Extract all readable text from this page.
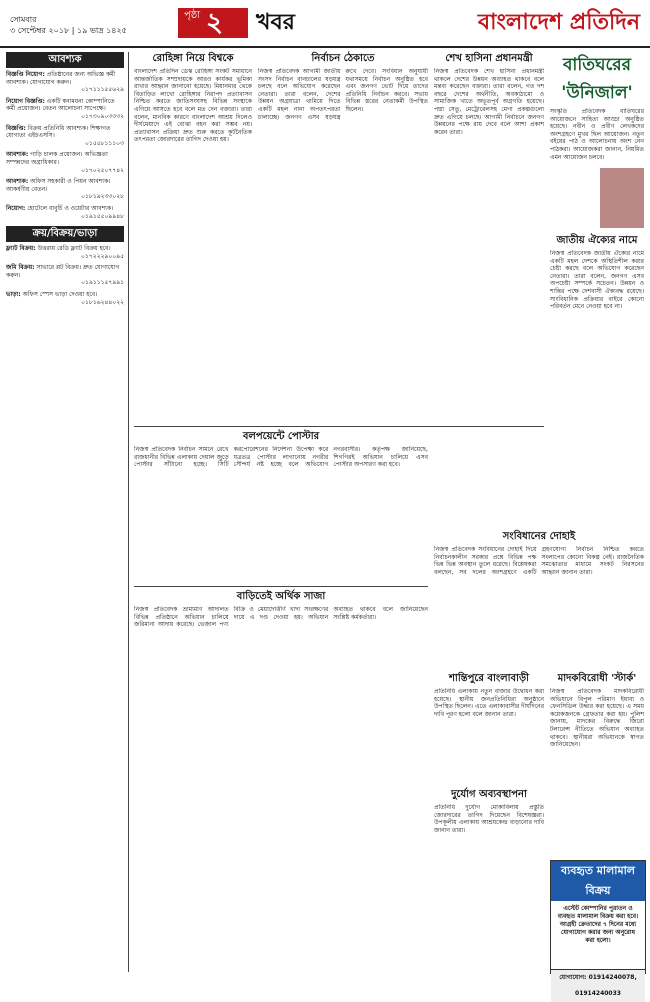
সোমবার
৩ সেপ্টেম্বর ২০১৮ | ১৯ ভাদ্র ১৪২৫
পৃষ্ঠা ২ খবর	বাংলাদেশ প্রতিদিন
আবশ্যক
বিজ্ঞপ্তি নিয়োগ: প্রতিষ্ঠানের জন্য অভিজ্ঞ কর্মী আবশ্যক। যোগাযোগ করুন।
০১৭১১১৫৫৬২৯
নিয়োগ বিজ্ঞপ্তি: একটি স্বনামধন্য কোম্পানিতে কর্মী প্রয়োজন। বেতন আলোচনা সাপেক্ষে।
০১৭৩০৯০৩৩৩২
বিজ্ঞপ্তি: বিক্রয় প্রতিনিধি আবশ্যক। শিক্ষাগত যোগ্যতা এইচএসসি।
০১৫৫৮১১১০৩
আবশ্যক: গাড়ি চালক প্রয়োজন। অভিজ্ঞতা সম্পন্নদের অগ্রাধিকার।
০১৭০২৫০৭৭৪২
আবশ্যক: অফিস সহকারী ও পিয়ন আবশ্যক। আকর্ষণীয় বেতন।
০১৮১৯২৩৩০২৮
নিয়োগ: হোটেলে বাবুর্চি ও ওয়েটার আবশ্যক।
০১৯১৫৫০৯৯৪৮
ক্রয়/বিক্রয়/ভাড়া
ফ্ল্যাট বিক্রয়: উত্তরায় রেডি ফ্ল্যাট বিক্রয় হবে।
০১৭২২২৯০০৯৫
জমি বিক্রয়: সাভারে প্লট বিক্রয়। দ্রুত যোগাযোগ করুন।
০১৯১১১৫৭৯৯১
ভাড়া: অফিস স্পেস ভাড়া দেওয়া হবে।
০১৮১৬২৪৪০২২
রোহিঙ্গা নিয়ে বিশ্বকে
বাংলাদেশ প্রতিদিন ডেস্ক রোহিঙ্গা সংকট সমাধানে আন্তর্জাতিক সম্প্রদায়কে আরও কার্যকর ভূমিকা রাখার আহ্বান জানানো হয়েছে। মিয়ানমার থেকে বিতাড়িত লাখো রোহিঙ্গার নিরাপদ প্রত্যাবাসন নিশ্চিত করতে জাতিসংঘসহ বিভিন্ন সংস্থাকে এগিয়ে আসতে হবে বলে মত দেন বক্তারা। তারা বলেন, মানবিক কারণে বাংলাদেশ আশ্রয় দিলেও দীর্ঘমেয়াদে এই বোঝা বহন করা সম্ভব নয়। প্রত্যাবাসন প্রক্রিয়া দ্রুত শুরু করতে কূটনৈতিক তৎপরতা জোরদারের তাগিদ দেওয়া হয়।
নির্বাচন ঠেকাতে
নিজস্ব প্রতিবেদক আগামী জাতীয় সংসদ নির্বাচন বানচালের ষড়যন্ত্র চলছে বলে অভিযোগ করেছেন নেতারা। তারা বলেন, দেশের উন্নয়ন অগ্রযাত্রা থামিয়ে দিতে একটি মহল নানা অপতৎপরতা চালাচ্ছে। জনগণ এসব ষড়যন্ত্র রুখে দেবে। সংবিধান অনুযায়ী যথাসময়ে নির্বাচন অনুষ্ঠিত হবে এবং জনগণ ভোট দিয়ে তাদের প্রতিনিধি নির্বাচন করবে। সভায় বিভিন্ন স্তরের নেতাকর্মী উপস্থিত ছিলেন।
শেখ হাসিনা প্রধানমন্ত্রী
নিজস্ব প্রতিবেদক শেখ হাসিনা প্রধানমন্ত্রী থাকলে দেশের উন্নয়ন অব্যাহত থাকবে বলে মন্তব্য করেছেন বক্তারা। তারা বলেন, গত দশ বছরে দেশের অর্থনীতি, অবকাঠামো ও সামাজিক খাতে অভূতপূর্ব অগ্রগতি হয়েছে। পদ্মা সেতু, মেট্রোরেলসহ মেগা প্রকল্পগুলো দ্রুত এগিয়ে চলছে। আগামী নির্বাচনে জনগণ উন্নয়নের পক্ষে রায় দেবে বলে আশা প্রকাশ করেন তারা।
বাতিঘরের 'উনিজাল'
সংস্কৃতি প্রতিবেদক বাতিঘরের আয়োজনে সাহিত্য আড্ডা অনুষ্ঠিত হয়েছে। নবীন ও প্রবীণ লেখকদের অংশগ্রহণে মুখর ছিল আয়োজন। নতুন বইয়ের পাঠ ও আলোচনায় অংশ নেন পাঠকরা। আয়োজকরা জানান, নিয়মিত এমন আয়োজন চলবে।
জাতীয় ঐক্যের নামে
নিজস্ব প্রতিবেদক জাতীয় ঐক্যের নামে একটি মহল দেশকে অস্থিতিশীল করার চেষ্টা করছে বলে অভিযোগ করেছেন নেতারা। তারা বলেন, জনগণ এসব অপচেষ্টা সম্পর্কে সচেতন। উন্নয়ন ও শান্তির পক্ষে দেশবাসী ঐক্যবদ্ধ রয়েছে। সাংবিধানিক প্রক্রিয়ার বাইরে কোনো পরিবর্তন মেনে নেওয়া হবে না।
বলপয়েন্টে পোস্টার
নিজস্ব প্রতিবেদক নির্বাচন সামনে রেখে রাজধানীর বিভিন্ন এলাকায় দেয়াল জুড়ে পোস্টার সাঁটানো হচ্ছে। সিটি করপোরেশনের নির্দেশনা উপেক্ষা করে যত্রতত্র পোস্টার লাগানোয় নগরীর সৌন্দর্য নষ্ট হচ্ছে বলে অভিযোগ নগরবাসীর। কর্তৃপক্ষ জানিয়েছে, শিগগিরই অভিযান চালিয়ে এসব পোস্টার অপসারণ করা হবে।
সংবিধানের দোহাই
নিজস্ব প্রতিবেদক সংবিধানের দোহাই দিয়ে নির্বাচনকালীন সরকার প্রশ্নে বিভিন্ন পক্ষ ভিন্ন ভিন্ন অবস্থান তুলে ধরেছে। বিশ্লেষকরা বলছেন, সব দলের অংশগ্রহণে একটি গ্রহণযোগ্য নির্বাচন নিশ্চিত করতে সংলাপের কোনো বিকল্প নেই। রাজনৈতিক সমঝোতার মাধ্যমে সংকট নিরসনের আহ্বান জানান তারা।
শান্তিপুরে বাংলাবাড়ী
প্রতিনিধি এলাকায় নতুন বাজার উদ্বোধন করা হয়েছে। স্থানীয় জনপ্রতিনিধিরা অনুষ্ঠানে উপস্থিত ছিলেন। এতে এলাকাবাসীর দীর্ঘদিনের দাবি পূরণ হলো বলে জানান তারা।
মাদকবিরোধী 'স্টার্ক'
নিজস্ব প্রতিবেদক মাদকবিরোধী অভিযানে বিপুল পরিমাণ ইয়াবা ও ফেনসিডিল উদ্ধার করা হয়েছে। এ সময় কয়েকজনকে গ্রেফতার করা হয়। পুলিশ জানায়, মাদকের বিরুদ্ধে জিরো টলারেন্স নীতিতে অভিযান অব্যাহত থাকবে। স্থানীয়রা অভিযানকে স্বাগত জানিয়েছেন।
বাড়িতেই অর্থিক সাজা
নিজস্ব প্রতিবেদক ভ্রাম্যমাণ আদালত বিভিন্ন প্রতিষ্ঠানে অভিযান চালিয়ে জরিমানা আদায় করেছে। ভেজাল পণ্য বিক্রি ও মেয়াদোত্তীর্ণ খাদ্য সংরক্ষণের দায়ে এ দণ্ড দেওয়া হয়। অভিযান অব্যাহত থাকবে বলে জানিয়েছেন সংশ্লিষ্ট কর্মকর্তারা।
দুর্যোগ অব্যবস্থাপনা
প্রতিনিধি দুর্যোগ মোকাবিলায় প্রস্তুতি জোরদারের তাগিদ দিয়েছেন বিশেষজ্ঞরা। উপকূলীয় এলাকায় আশ্রয়কেন্দ্র বাড়ানোর দাবি জানান তারা।
ব্যবহৃত মালামাল বিক্রয়
এস্টেট কোম্পানির পুরাতন ও ব্যবহৃত মালামাল বিক্রয় করা হবে। আগ্রহী ক্রেতাদের ৭ দিনের মধ্যে যোগাযোগ করার জন্য অনুরোধ করা হলো।
যোগাযোগ: 01914240078, 01914240033
